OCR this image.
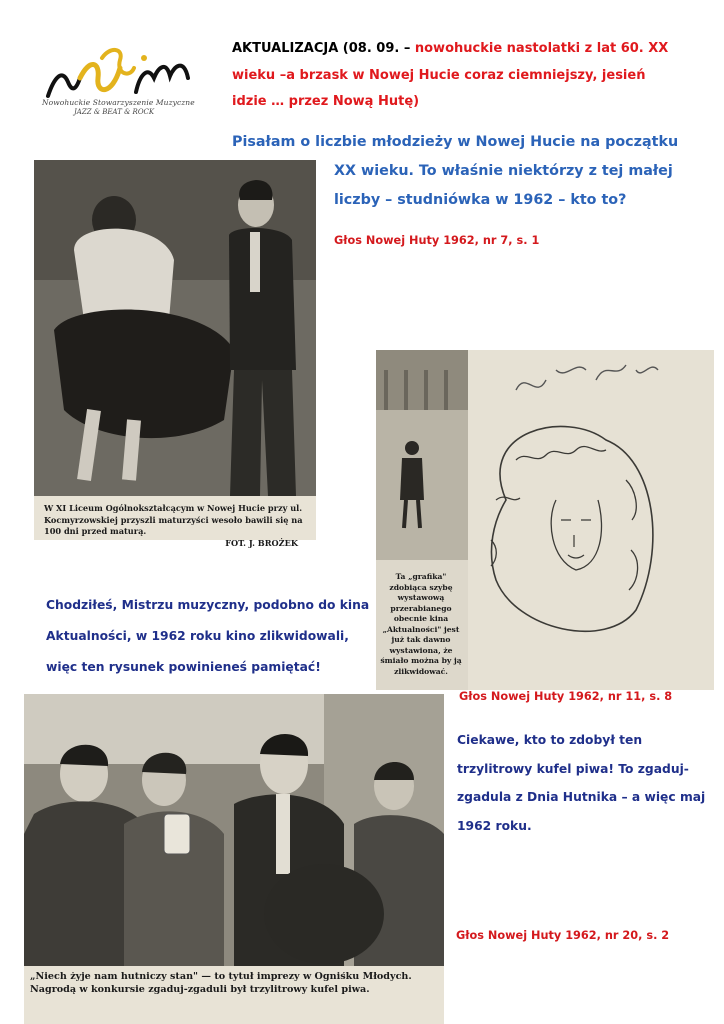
Nowohuckie Stowarzyszenie Muzyczne
JAZZ & BEAT & ROCK
AKTUALIZACJA (08. 09. – nowohuckie nastolatki z lat 60. XX wieku –a brzask w Nowej Hucie coraz ciemniejszy, jesień idzie … przez Nową Hutę)
Pisałam o liczbie młodzieży w Nowej Hucie na początku
XX wieku. To właśnie niektórzy z tej małej liczby – studniówka w 1962 – kto to?
Głos Nowej Huty 1962, nr 7, s. 1
W XI Liceum Ogólnokształcącym w Nowej Hucie przy ul. Kocmyrzowskiej przyszli maturzyści wesoło bawili się na 100 dni przed maturą.
FOT. J. BROŻEK
Ta „grafika" zdobiąca szybę wystawową przerabianego obecnie kina „Aktualności" jest już tak dawno wystawiona, że śmiało można by ją zlikwidować.
Chodziłeś, Mistrzu muzyczny, podobno do kina Aktualności, w 1962 roku kino zlikwidowali, więc ten rysunek powinieneś pamiętać!
Głos Nowej Huty 1962, nr 11, s. 8
„Niech żyje nam hutniczy stan" — to tytuł imprezy w Ogniśku Młodych. Nagrodą w konkursie zgaduj-zgaduli był trzylitrowy kufel piwa.
Ciekawe, kto to zdobył ten trzylitrowy kufel piwa! To zgaduj-zgadula z Dnia Hutnika – a więc maj 1962 roku.
Głos Nowej Huty 1962, nr 20, s. 2
